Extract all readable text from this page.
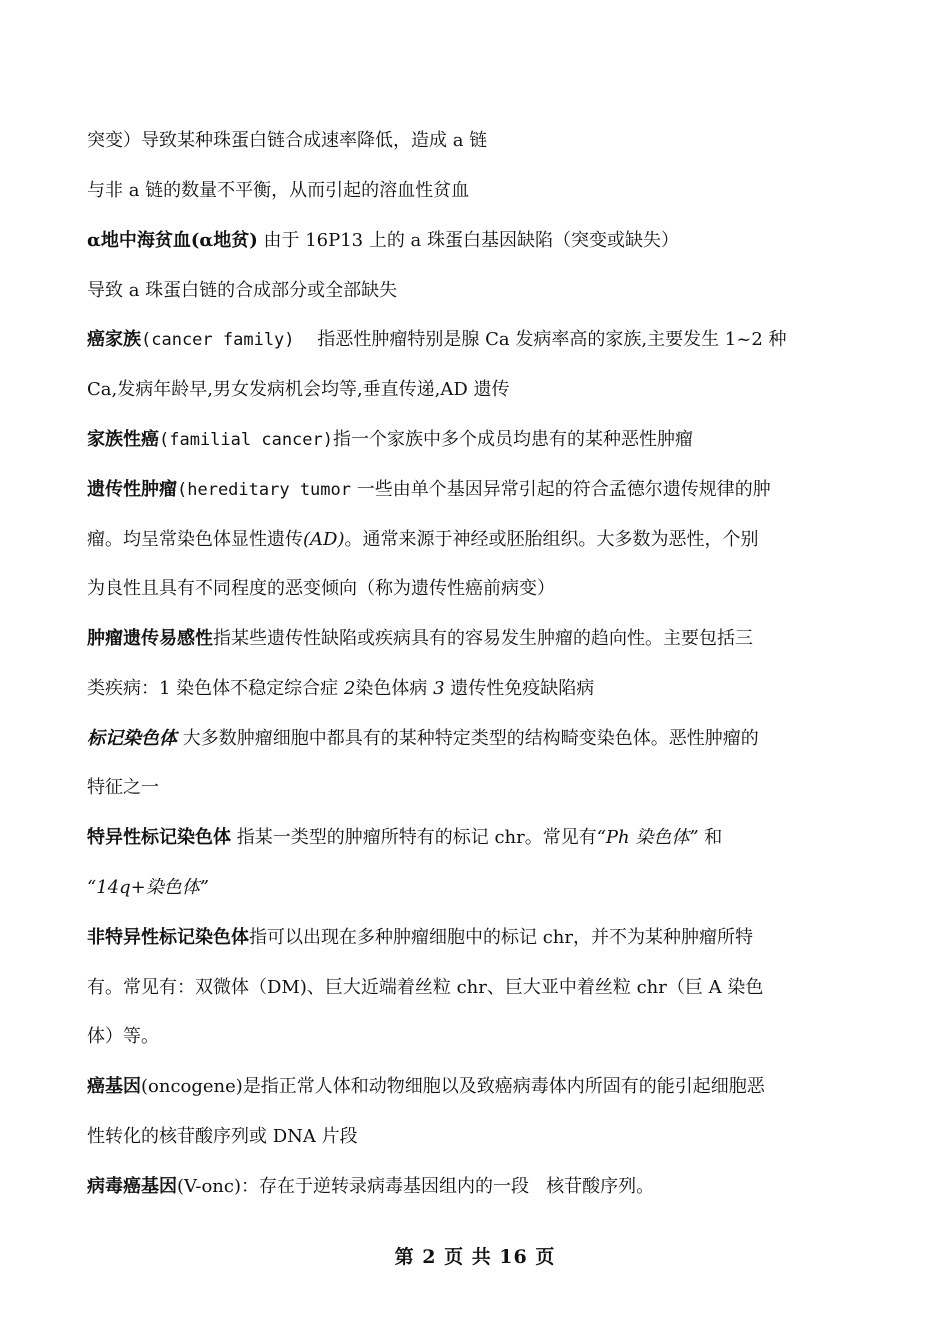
突变）导致某种珠蛋白链合成速率降低，造成 a 链
与非 a 链的数量不平衡，从而引起的溶血性贫血
α地中海贫血(α地贫) 由于 16P13 上的 a 珠蛋白基因缺陷（突变或缺失）
导致 a 珠蛋白链的合成部分或全部缺失
癌家族(cancer family)    指恶性肿瘤特别是腺 Ca 发病率高的家族,主要发生 1~2 种
Ca,发病年龄早,男女发病机会均等,垂直传递,AD 遗传
家族性癌(familial cancer)指一个家族中多个成员均患有的某种恶性肿瘤
遗传性肿瘤(hereditary tumor 一些由单个基因异常引起的符合孟德尔遗传规律的肿
瘤。均呈常染色体显性遗传(AD)。通常来源于神经或胚胎组织。大多数为恶性，个别
为良性且具有不同程度的恶变倾向（称为遗传性癌前病变）
肿瘤遗传易感性指某些遗传性缺陷或疾病具有的容易发生肿瘤的趋向性。主要包括三
类疾病：1 染色体不稳定综合症 2染色体病 3 遗传性免疫缺陷病
标记染色体 大多数肿瘤细胞中都具有的某种特定类型的结构畸变染色体。恶性肿瘤的
特征之一
特异性标记染色体 指某一类型的肿瘤所特有的标记 chr。常见有“Ph 染色体” 和
“14q+染色体”
非特异性标记染色体指可以出现在多种肿瘤细胞中的标记 chr，并不为某种肿瘤所特
有。常见有：双微体（DM)、巨大近端着丝粒 chr、巨大亚中着丝粒 chr（巨 A 染色
体）等。
癌基因(oncogene)是指正常人体和动物细胞以及致癌病毒体内所固有的能引起细胞恶
性转化的核苷酸序列或 DNA 片段
病毒癌基因(V-onc)：存在于逆转录病毒基因组内的一段   核苷酸序列。
第 2 页 共 16 页
